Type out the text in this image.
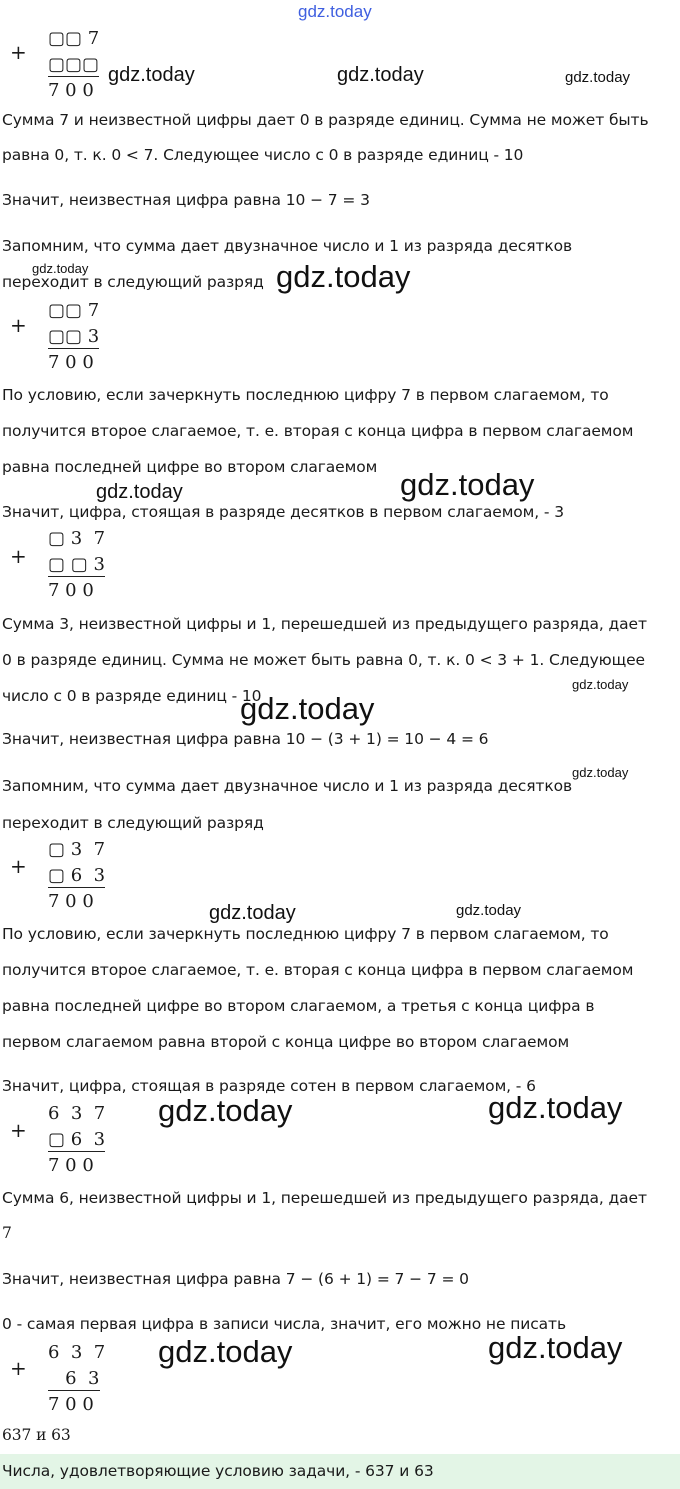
gdz.today
+
▢▢ 7
▢▢▢
7 0 0
gdz.today	gdz.today	gdz.today
Сумма 7 и неизвестной цифры дает 0 в разряде единиц. Сумма не может быть
равна 0, т. к. 0 < 7. Следующее число с 0 в разряде единиц - 10
Значит, неизвестная цифра равна 10 − 7 = 3
Запомним, что сумма дает двузначное число и 1 из разряда десятков
gdz.today
переходит в следующий разряд gdz.today
+
▢▢ 7
▢▢ 3
7 0 0
По условию, если зачеркнуть последнюю цифру 7 в первом слагаемом, то
получится второе слагаемое, т. е. вторая с конца цифра в первом слагаемом
равна последней цифре во втором слагаемом
gdz.today	gdz.today
Значит, цифра, стоящая в разряде десятков в первом слагаемом, - 3
+
▢ 3  7
▢ ▢ 3
7 0 0
Сумма 3, неизвестной цифры и 1, перешедшей из предыдущего разряда, дает
0 в разряде единиц. Сумма не может быть равна 0, т. к. 0 < 3 + 1. Следующее
число с 0 в разряде единиц - 10
gdz.today
gdz.today
Значит, неизвестная цифра равна 10 − (3 + 1) = 10 − 4 = 6
gdz.today
Запомним, что сумма дает двузначное число и 1 из разряда десятков
переходит в следующий разряд
+
▢ 3  7
▢ 6  3
7 0 0
gdz.today	gdz.today
По условию, если зачеркнуть последнюю цифру 7 в первом слагаемом, то
получится второе слагаемое, т. е. вторая с конца цифра в первом слагаемом
равна последней цифре во втором слагаемом, а третья с конца цифра в
первом слагаемом равна второй с конца цифре во втором слагаемом
Значит, цифра, стоящая в разряде сотен в первом слагаемом, - 6
+
6  3  7
▢ 6  3
7 0 0
gdz.today	gdz.today
Сумма 6, неизвестной цифры и 1, перешедшей из предыдущего разряда, дает
7
Значит, неизвестная цифра равна 7 − (6 + 1) = 7 − 7 = 0
0 - самая первая цифра в записи числа, значит, его можно не писать
+
6  3  7
6  3
7 0 0
gdz.today	gdz.today
637 и 63
Числа, удовлетворяющие условию задачи, - 637 и 63
